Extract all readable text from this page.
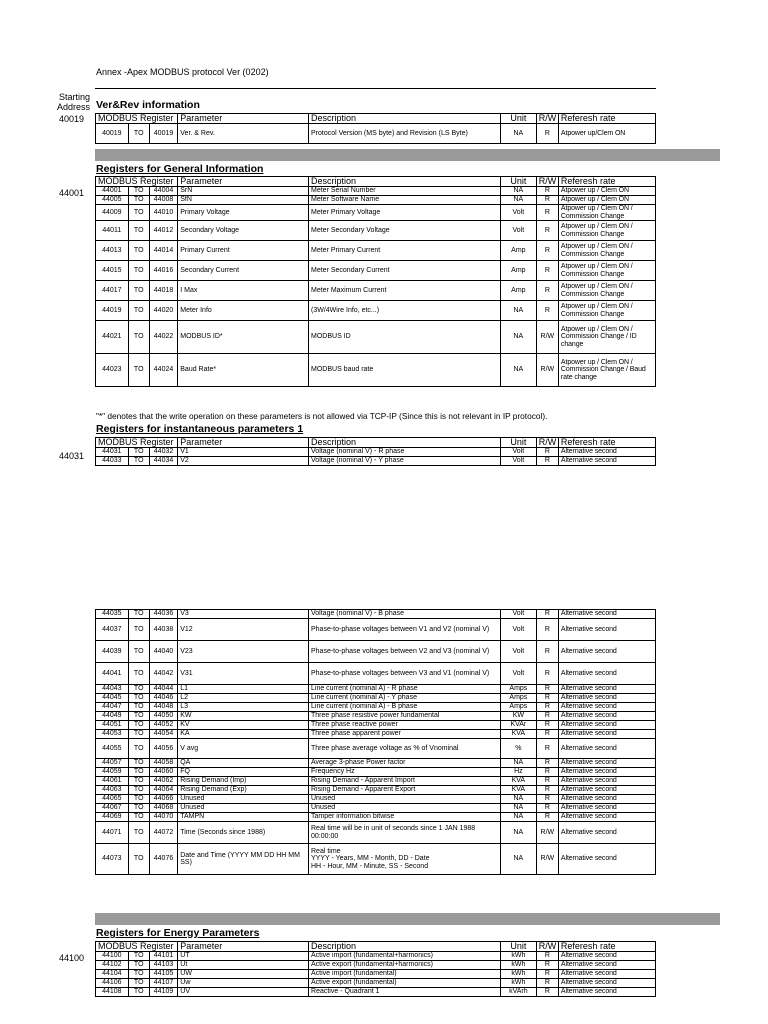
Annex -Apex MODBUS protocol Ver (0202)
Starting Address Ver&Rev information
40019 MODBUS Register			Parameter	Description	Unit	R/W	Referesh rate
40019	TO	40019	Ver. & Rev.	Protocol Version (MS byte) and Revision (LS Byte)	NA	R	Atpower up/Clem ON
Registers for General Information
44001
MODBUS Register			Parameter	Description	Unit	R/W	Referesh rate
44001	TO	44004	SrN	Meter Serial Number	NA	R	Atpower up / Clem ON
44005	TO	44008	SfN	Meter Software Name	NA	R	Atpower up / Clem ON
44009	TO	44010	Primary Voltage	Meter Primary Voltage	Volt	R	Atpower up / Clem ON / Commission Change
44011	TO	44012	Secondary Voltage	Meter Secondary Voltage	Volt	R	Atpower up / Clem ON / Commission Change
44013	TO	44014	Primary Current	Meter Primary Current	Amp	R	Atpower up / Clem ON / Commission Change
44015	TO	44016	Secondary Current	Meter Secondary Current	Amp	R	Atpower up / Clem ON / Commission Change
44017	TO	44018	I Max	Meter Maximum Current	Amp	R	Atpower up / Clem ON / Commission Change
44019	TO	44020	Meter Info	(3W/4Wire Info, etc...)	NA	R	Atpower up / Clem ON / Commission Change
44021	TO	44022	MODBUS ID*	MODBUS ID	NA	R/W	Atpower up / Clem ON / Commission Change / ID change
44023	TO	44024	Baud Rate*	MODBUS baud rate	NA	R/W	Atpower up / Clem ON / Commission Change / Baud rate change
"*" denotes that the write operation on these parameters is not allowed via TCP-IP (Since this is not relevant in IP protocol).
Registers for instantaneous parameters 1
44031
MODBUS Register			Parameter	Description	Unit	R/W	Referesh rate
44031	TO	44032	V1	Voltage (nominal V) - R phase	Volt	R	Alternative second
44033	TO	44034	V2	Voltage (nominal V) - Y phase	Volt	R	Alternative second
44035	TO	44036	V3	Voltage (nominal V) - B phase	Volt	R	Alternative second
44037	TO	44038	V12	Phase-to-phase voltages between V1 and V2 (nominal V)	Volt	R	Alternative second
44039	TO	44040	V23	Phase-to-phase voltages between V2 and V3 (nominal V)	Volt	R	Alternative second
44041	TO	44042	V31	Phase-to-phase voltages between V3 and V1 (nominal V)	Volt	R	Alternative second
44043	TO	44044	L1	Line current (nominal A) - R phase	Amps	R	Alternative second
44045	TO	44046	L2	Line current (nominal A) - Y phase	Amps	R	Alternative second
44047	TO	44048	L3	Line current (nominal A) - B phase	Amps	R	Alternative second
44049	TO	44050	KW	Three phase resistive power fundamental	KW	R	Alternative second
44051	TO	44052	KV	Three phase reactive power	KVAr	R	Alternative second
44053	TO	44054	KA	Three phase apparent power	KVA	R	Alternative second
44055	TO	44056	V avg	Three phase average voltage as % of Vnominal	%	R	Alternative second
44057	TO	44058	QA	Average 3-phase Power factor	NA	R	Alternative second
44059	TO	44060	FQ	Frequency Hz	Hz	R	Alternative second
44061	TO	44062	Rising Demand (Imp)	Rising Demand - Apparent Import	KVA	R	Alternative second
44063	TO	44064	Rising Demand (Exp)	Rising Demand - Apparent Export	KVA	R	Alternative second
44065	TO	44066	Unused	Unused	NA	R	Alternative second
44067	TO	44068	Unused	Unused	NA	R	Alternative second
44069	TO	44070	TAMPN	Tamper information bitwise	NA	R	Alternative second
44071	TO	44072	Time (Seconds since 1988)	Real time will be in unit of seconds since 1 JAN 1988 00:00:00	NA	R/W	Alternative second
44073	TO	44076	Date and Time (YYYY MM DD HH MM SS)	Real time
YYYY - Years, MM - Month, DD - Date
HH - Hour, MM - Minute, SS - Second	NA	R/W	Alternative second
Registers for Energy Parameters
44100
MODBUS Register			Parameter	Description	Unit	R/W	Referesh rate
44100	TO	44101	UT	Active import (fundamental+harmonics)	kWh	R	Alternative second
44102	TO	44103	Ut	Active export (fundamental+harmonics)	kWh	R	Alternative second
44104	TO	44105	UW	Active import (fundamental)	kWh	R	Alternative second
44106	TO	44107	Uw	Active export (fundamental)	kWh	R	Alternative second
44108	TO	44109	UV	Reactive - Quadrant 1	kVArh	R	Alternative second
